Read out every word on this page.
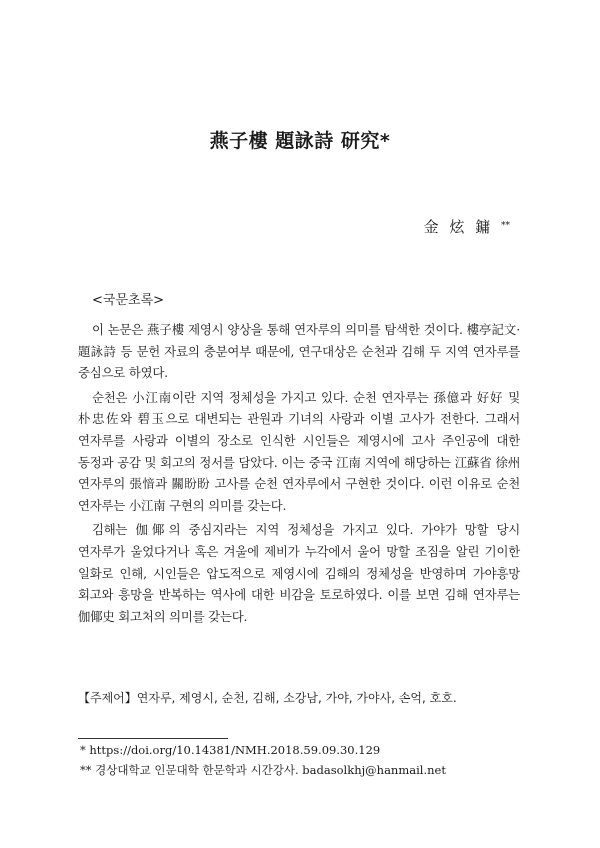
燕子樓 題詠詩 研究*
金 炫 鏞 **
<국문초록>

이 논문은 燕子樓 제영시 양상을 통해 연자루의 의미를 탐색한 것이다. 樓亭記文·題詠詩 등 문헌 자료의 충분여부 때문에, 연구대상은 순천과 김해 두 지역 연자루를 중심으로 하였다.

순천은 小江南이란 지역 정체성을 가지고 있다. 순천 연자루는 孫億과 好好 및 朴忠佐와 碧玉으로 대변되는 관원과 기녀의 사랑과 이별 고사가 전한다. 그래서 연자루를 사랑과 이별의 장소로 인식한 시인들은 제영시에 고사 주인공에 대한 동정과 공감 및 회고의 정서를 담았다. 이는 중국 江南 지역에 해당하는 江蘇省 徐州 연자루의 張愔과 關盼盼 고사를 순천 연자루에서 구현한 것이다. 이런 이유로 순천 연자루는 小江南 구현의 의미를 갖는다.

김해는 伽倻의 중심지라는 지역 정체성을 가지고 있다. 가야가 망할 당시 연자루가 울었다거나 혹은 겨울에 제비가 누각에서 울어 망할 조짐을 알린 기이한 일화로 인해, 시인들은 압도적으로 제영시에 김해의 정체성을 반영하며 가야흥망 회고와 흥망을 반복하는 역사에 대한 비감을 토로하였다. 이를 보면 김해 연자루는 伽倻史 회고처의 의미를 갖는다.

【주제어】연자루, 제영시, 순천, 김해, 소강남, 가야, 가야사, 손억, 호호.
* https://doi.org/10.14381/NMH.2018.59.09.30.129
** 경상대학교 인문대학 한문학과 시간강사. badasolkhj@hanmail.net
